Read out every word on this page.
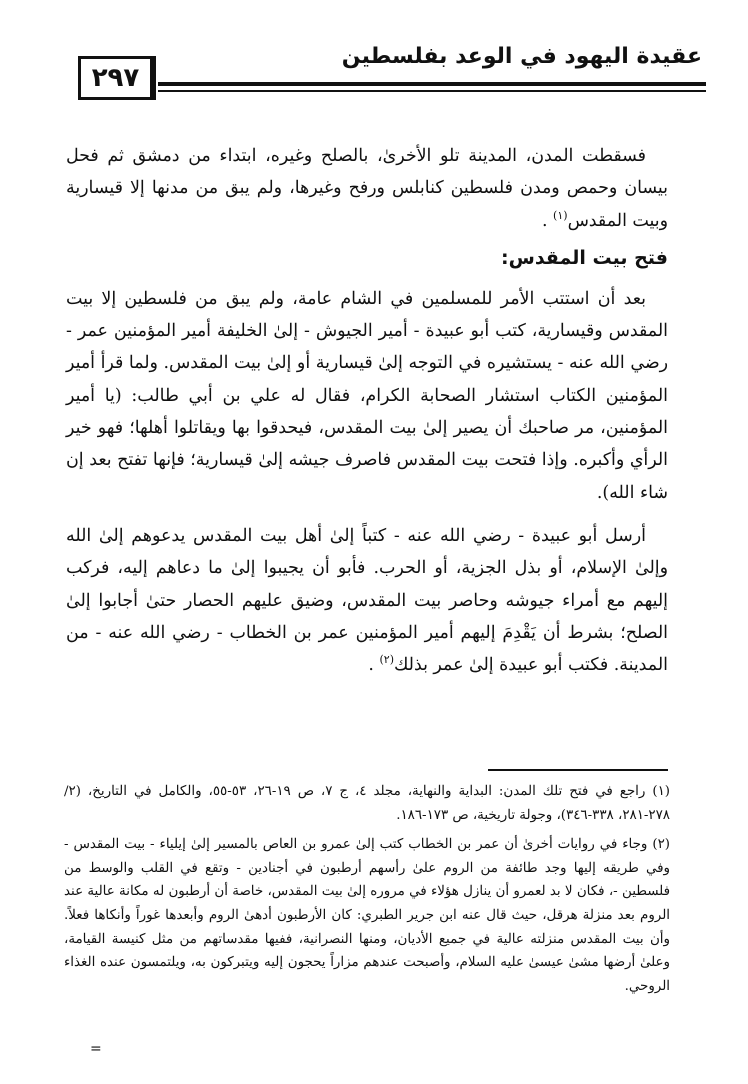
عقيدة اليهود في الوعد بفلسطين
٢٩٧

فسقطت المدن، المدينة تلو الأخرىٰ، بالصلح وغيره، ابتداء من دمشق ثم فحل بيسان وحمص ومدن فلسطين كنابلس ورفح وغيرها، ولم يبق من مدنها إلا قيسارية وبيت المقدس$^{(١)}$ .

فتح بيت المقدس:

بعد أن استتب الأمر للمسلمين في الشام عامة، ولم يبق من فلسطين إلا بيت المقدس وقيسارية، كتب أبو عبيدة - أمير الجيوش - إلىٰ الخليفة أمير المؤمنين عمر - رضي الله عنه - يستشيره في التوجه إلىٰ قيسارية أو إلىٰ بيت المقدس. ولما قرأ أمير المؤمنين الكتاب استشار الصحابة الكرام، فقال له علي بن أبي طالب: (يا أمير المؤمنين، مر صاحبك أن يصير إلىٰ بيت المقدس، فيحدقوا بها ويقاتلوا أهلها؛ فهو خير الرأي وأكبره. وإذا فتحت بيت المقدس فاصرف جيشه إلىٰ قيسارية؛ فإنها تفتح بعد إن شاء الله).

أرسل أبو عبيدة - رضي الله عنه - كتباً إلىٰ أهل بيت المقدس يدعوهم إلىٰ الله وإلىٰ الإسلام، أو بذل الجزية، أو الحرب. فأبو أن يجيبوا إلىٰ ما دعاهم إليه، فركب إليهم مع أمراء جيوشه وحاصر بيت المقدس، وضيق عليهم الحصار حتىٰ أجابوا إلىٰ الصلح؛ بشرط أن يَقْدِمَ إليهم أمير المؤمنين عمر بن الخطاب - رضي الله عنه - من المدينة. فكتب أبو عبيدة إلىٰ عمر بذلك$^{(٢)}$ .

(١) راجع في فتح تلك المدن: البداية والنهاية، مجلد ٤، ج ٧، ص ١٩-٢٦، ٥٣-٥٥، والكامل في التاريخ، (٢/ ٢٧٨-٢٨١، ٣٣٨-٣٤٦)، وجولة تاريخية، ص ١٧٣-١٨٦.

(٢) وجاء في روايات أخرىٰ أن عمر بن الخطاب كتب إلىٰ عمرو بن العاص بالمسير إلىٰ إيلياء - بيت المقدس - وفي طريقه إليها وجد طائفة من الروم علىٰ رأسهم أرطبون في أجنادين - وتقع في القلب والوسط من فلسطين -، فكان لا بد لعمرو أن ينازل هؤلاء في مروره إلىٰ بيت المقدس، خاصة أن أرطبون له مكانة عالية عند الروم بعد منزلة هرقل، حيث قال عنه ابن جرير الطبري: كان الأرطبون أدهىٰ الروم وأبعدها غوراً وأنكاها فعلاً. وأن بيت المقدس منزلته عالية في جميع الأديان، ومنها النصرانية، ففيها مقدساتهم من مثل كنيسة القيامة، وعلىٰ أرضها مشىٰ عيسىٰ عليه السلام، وأصبحت عندهم مزاراً يحجون إليه ويتبركون به، ويلتمسون عنده الغذاء الروحي.

=
